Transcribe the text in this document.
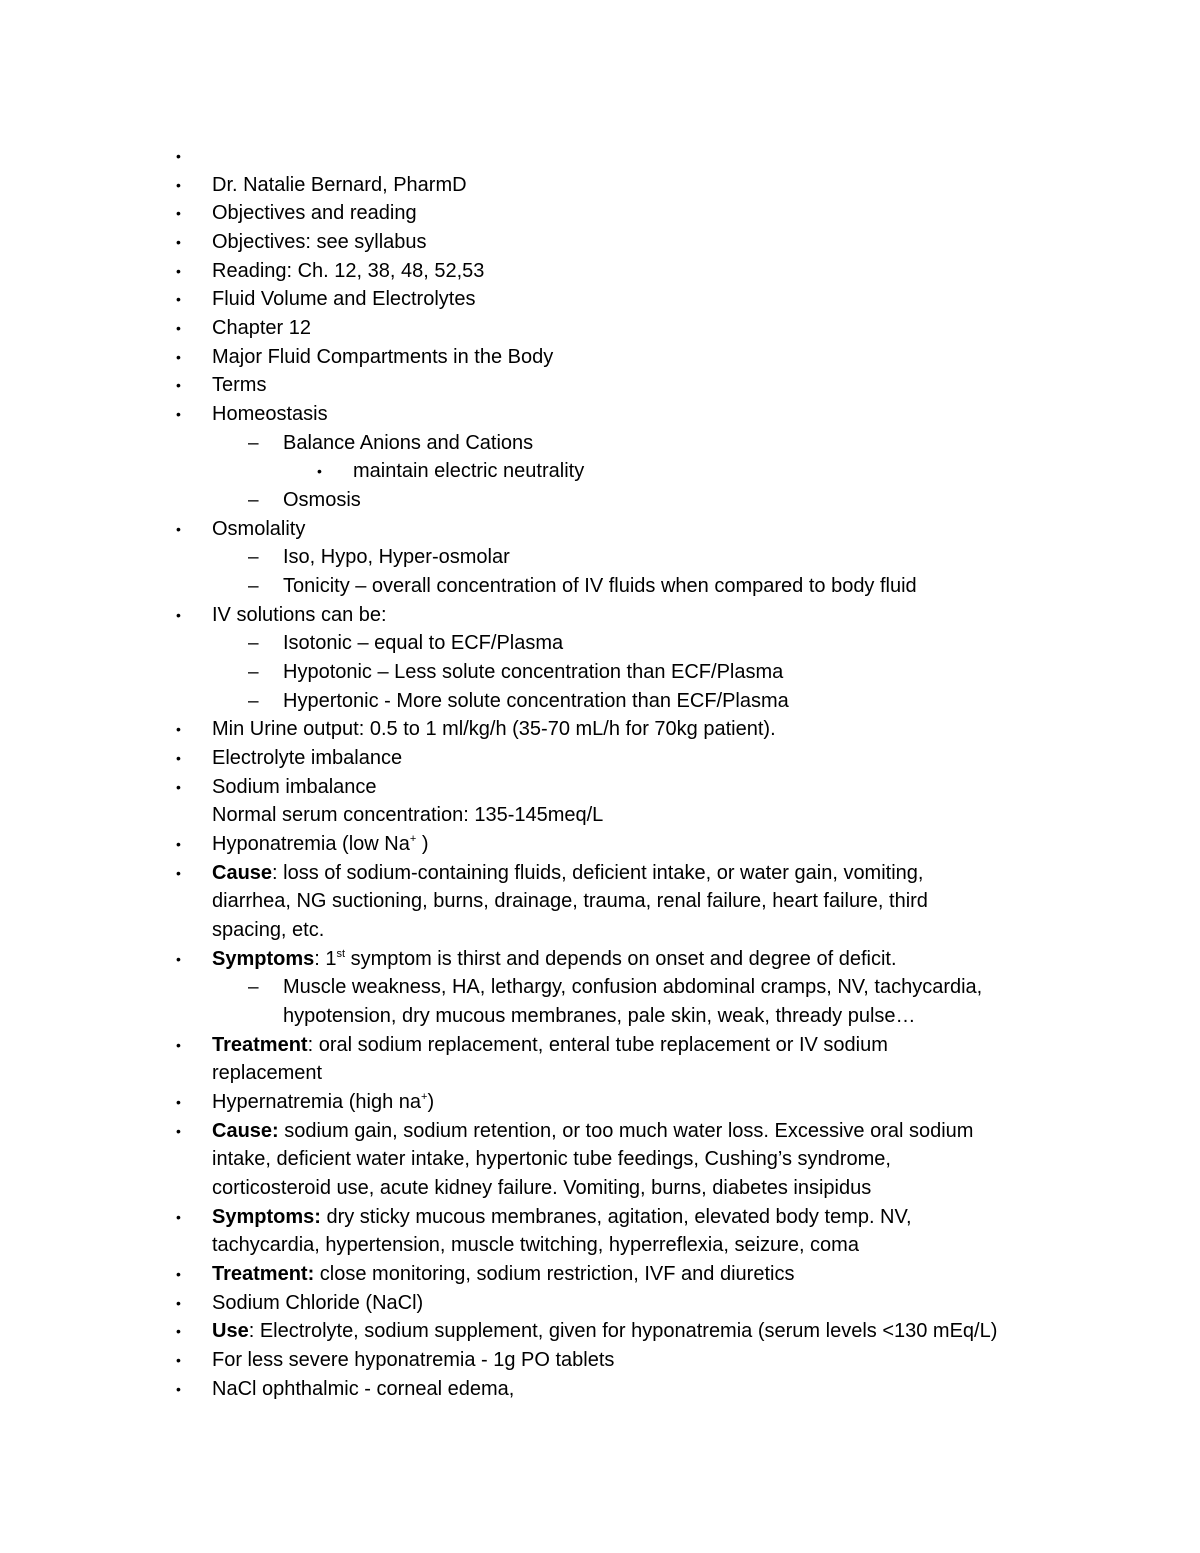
•
• Dr. Natalie Bernard, PharmD
• Objectives and reading
• Objectives: see syllabus
• Reading: Ch. 12, 38, 48, 52,53
• Fluid Volume and Electrolytes
• Chapter 12
• Major Fluid Compartments in the Body
• Terms
• Homeostasis
– Balance Anions and Cations
• maintain electric neutrality
– Osmosis
• Osmolality
– Iso, Hypo, Hyper-osmolar
– Tonicity – overall concentration of IV fluids when compared to body fluid
• IV solutions can be:
– Isotonic – equal to ECF/Plasma
– Hypotonic – Less solute concentration than ECF/Plasma
– Hypertonic - More solute concentration than ECF/Plasma
• Min Urine output: 0.5 to 1 ml/kg/h (35-70 mL/h for 70kg patient).
• Electrolyte imbalance
• Sodium imbalance
Normal serum concentration: 135-145meq/L
• Hyponatremia (low Na+ )
• Cause: loss of sodium-containing fluids, deficient intake, or water gain, vomiting,
diarrhea, NG suctioning, burns, drainage, trauma, renal failure, heart failure, third
spacing, etc.
• Symptoms: 1st symptom is thirst and depends on onset and degree of deficit.
– Muscle weakness, HA, lethargy, confusion abdominal cramps, NV, tachycardia,
hypotension, dry mucous membranes, pale skin, weak, thready pulse…
• Treatment: oral sodium replacement, enteral tube replacement or IV sodium
replacement
• Hypernatremia (high na+)
• Cause: sodium gain, sodium retention, or too much water loss. Excessive oral sodium
intake, deficient water intake, hypertonic tube feedings, Cushing’s syndrome,
corticosteroid use, acute kidney failure. Vomiting, burns, diabetes insipidus
• Symptoms: dry sticky mucous membranes, agitation, elevated body temp. NV,
tachycardia, hypertension, muscle twitching, hyperreflexia, seizure, coma
• Treatment: close monitoring, sodium restriction, IVF and diuretics
• Sodium Chloride (NaCl)
• Use: Electrolyte, sodium supplement, given for hyponatremia (serum levels <130 mEq/L)
• For less severe hyponatremia - 1g PO tablets
• NaCl ophthalmic - corneal edema,
